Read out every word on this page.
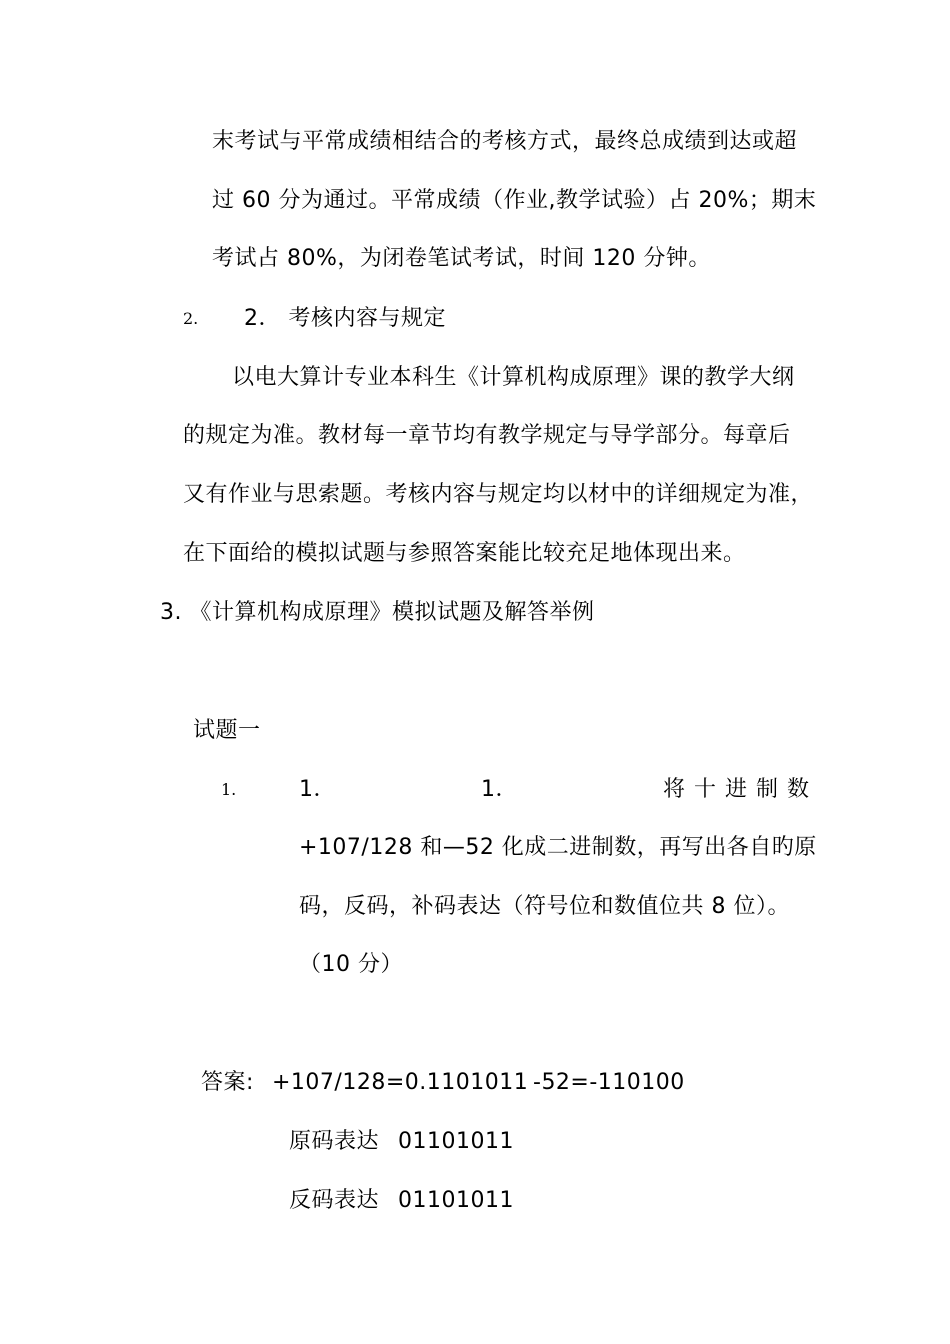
末考试与平常成绩相结合的考核方式，最终总成绩到达或超
过 60 分为通过。平常成绩（作业,教学试验）占 20%；期末
考试占 80%，为闭卷笔试考试，时间 120 分钟。
2. 2． 考核内容与规定
以电大算计专业本科生《计算机构成原理》课的教学大纲
的规定为准。教材每一章节均有教学规定与导学部分。每章后
又有作业与思索题。考核内容与规定均以材中的详细规定为准，
在下面给的模拟试题与参照答案能比较充足地体现出来。
3. 《计算机构成原理》模拟试题及解答举例
试题一
1.	1．	1．	将十进制数
+107/128 和—52 化成二进制数，再写出各自旳原
码，反码，补码表达（符号位和数值位共 8 位）。
（10 分）
答案: +107/128=0.1101011 -52=-110100
原码表达 01101011
反码表达 01101011
